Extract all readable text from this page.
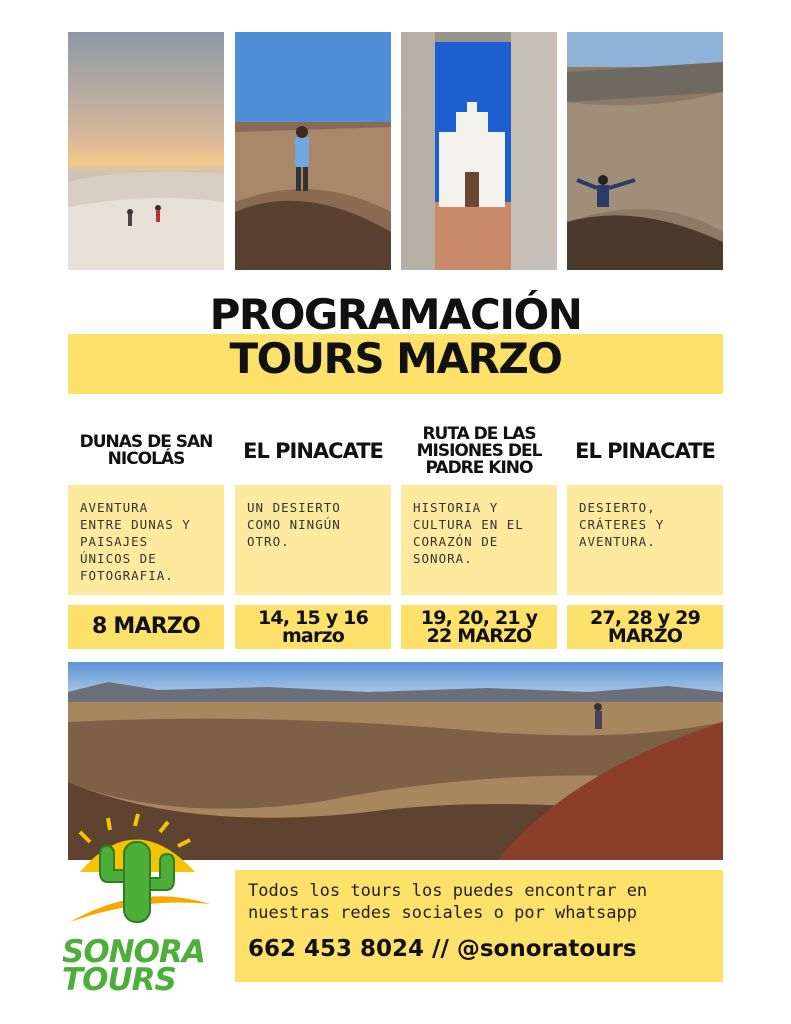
PROGRAMACIÓN
TOURS MARZO
DUNAS DE SAN NICOLÁS	EL PINACATE
RUTA DE LAS MISIONES DEL PADRE KINO
EL PINACATE
AVENTURA
ENTRE DUNAS Y
PAISAJES
ÚNICOS DE
FOTOGRAFIA.
UN DESIERTO
COMO NINGÚN
OTRO.
HISTORIA Y
CULTURA EN EL
CORAZÓN DE
SONORA.
DESIERTO,
CRÁTERES Y
AVENTURA.
8 MARZO	14, 15 y 16
marzo
19, 20, 21 y
22 MARZO
27, 28 y 29
MARZO
Todos los tours los puedes encontrar en
nuestras redes sociales o por whatsapp
662 453 8024 // @sonoratours
SONORA
TOURS
